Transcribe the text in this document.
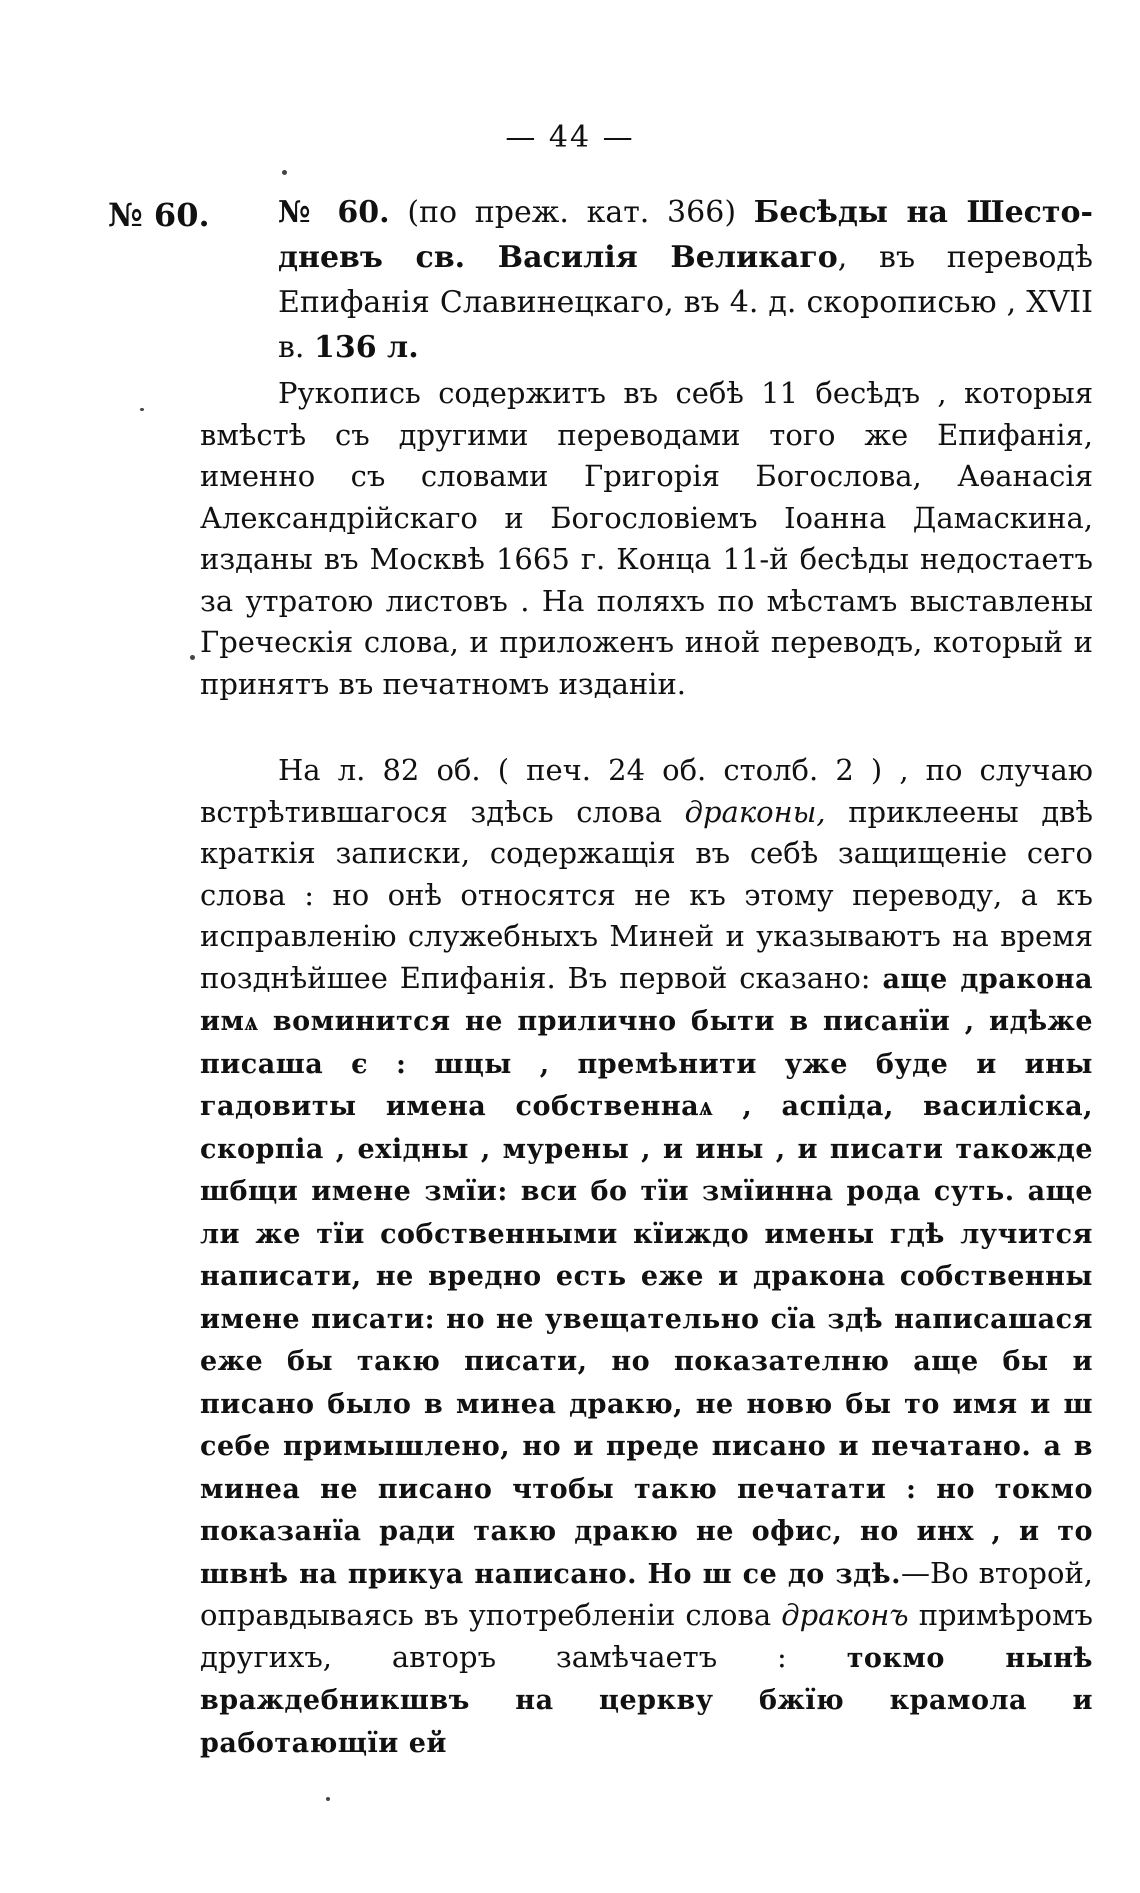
— 44 —
№ 60. № 60. (по преж. кат. 366) Бесѣды на Шесто- дневъ св. Василія Великаго, въ переводѣ Епифанія Славинецкаго, въ 4. д. скорописью , XVII в. 136 л.
Рукопись содержитъ въ себѣ 11 бесѣдъ , которыя вмѣстѣ съ другими переводами того же Епифанія, именно съ словами Григорія Богослова, Аѳанасія Александрійскаго и Богословіемъ Іоанна Дамаскина, изданы въ Москвѣ 1665 г. Конца 11-й бесѣды недостаетъ за утратою листовъ . На поляхъ по мѣстамъ выставлены Греческія слова, и приложенъ иной переводъ, который и принятъ въ печатномъ изданіи.
На л. 82 об. ( печ. 24 об. столб. 2 ) , по случаю встрѣтившагося здѣсь слова драконы, приклеены двѣ краткія записки, содержащія въ себѣ защищеніе сего слова : но онѣ относятся не къ этому переводу, а къ исправленію служебныхъ Миней и указываютъ на время позднѣйшее Епифанія. Въ первой сказано: аще дракона имѧ воминится не прилично быти в писанїи , идѣже писаша є : шцы , премѣнити уже буде и ины гадовиты имена собственнаѧ , аспіда, василіска, скорпіа , ехідны , мурены , и ины , и писати такожде шбщи имене змїи: вси бо тїи змїинна рода суть. аще ли же тїи собственными кїиждо имены гдѣ лучится написати, не вредно есть еже и дракона собственны имене писати: но не увещательно сїа здѣ написашася еже бы такю писати, но показателню аще бы и писано было в минеа дракю, не новю бы то имя и ш себе примышлено, но и преде писано и печатано. а в минеа не писано чтобы такю печатати : но токмо показанїа ради такю дракю не офис, но инх , и то швнѣ на прикуа написано. Но ш се до здѣ.—Во второй, оправдываясь въ употребленіи слова драконъ примѣромъ другихъ, авторъ замѣчаетъ : токмо нынѣ враждебникшвъ на церкву бжїю крамола и работающїи ей
